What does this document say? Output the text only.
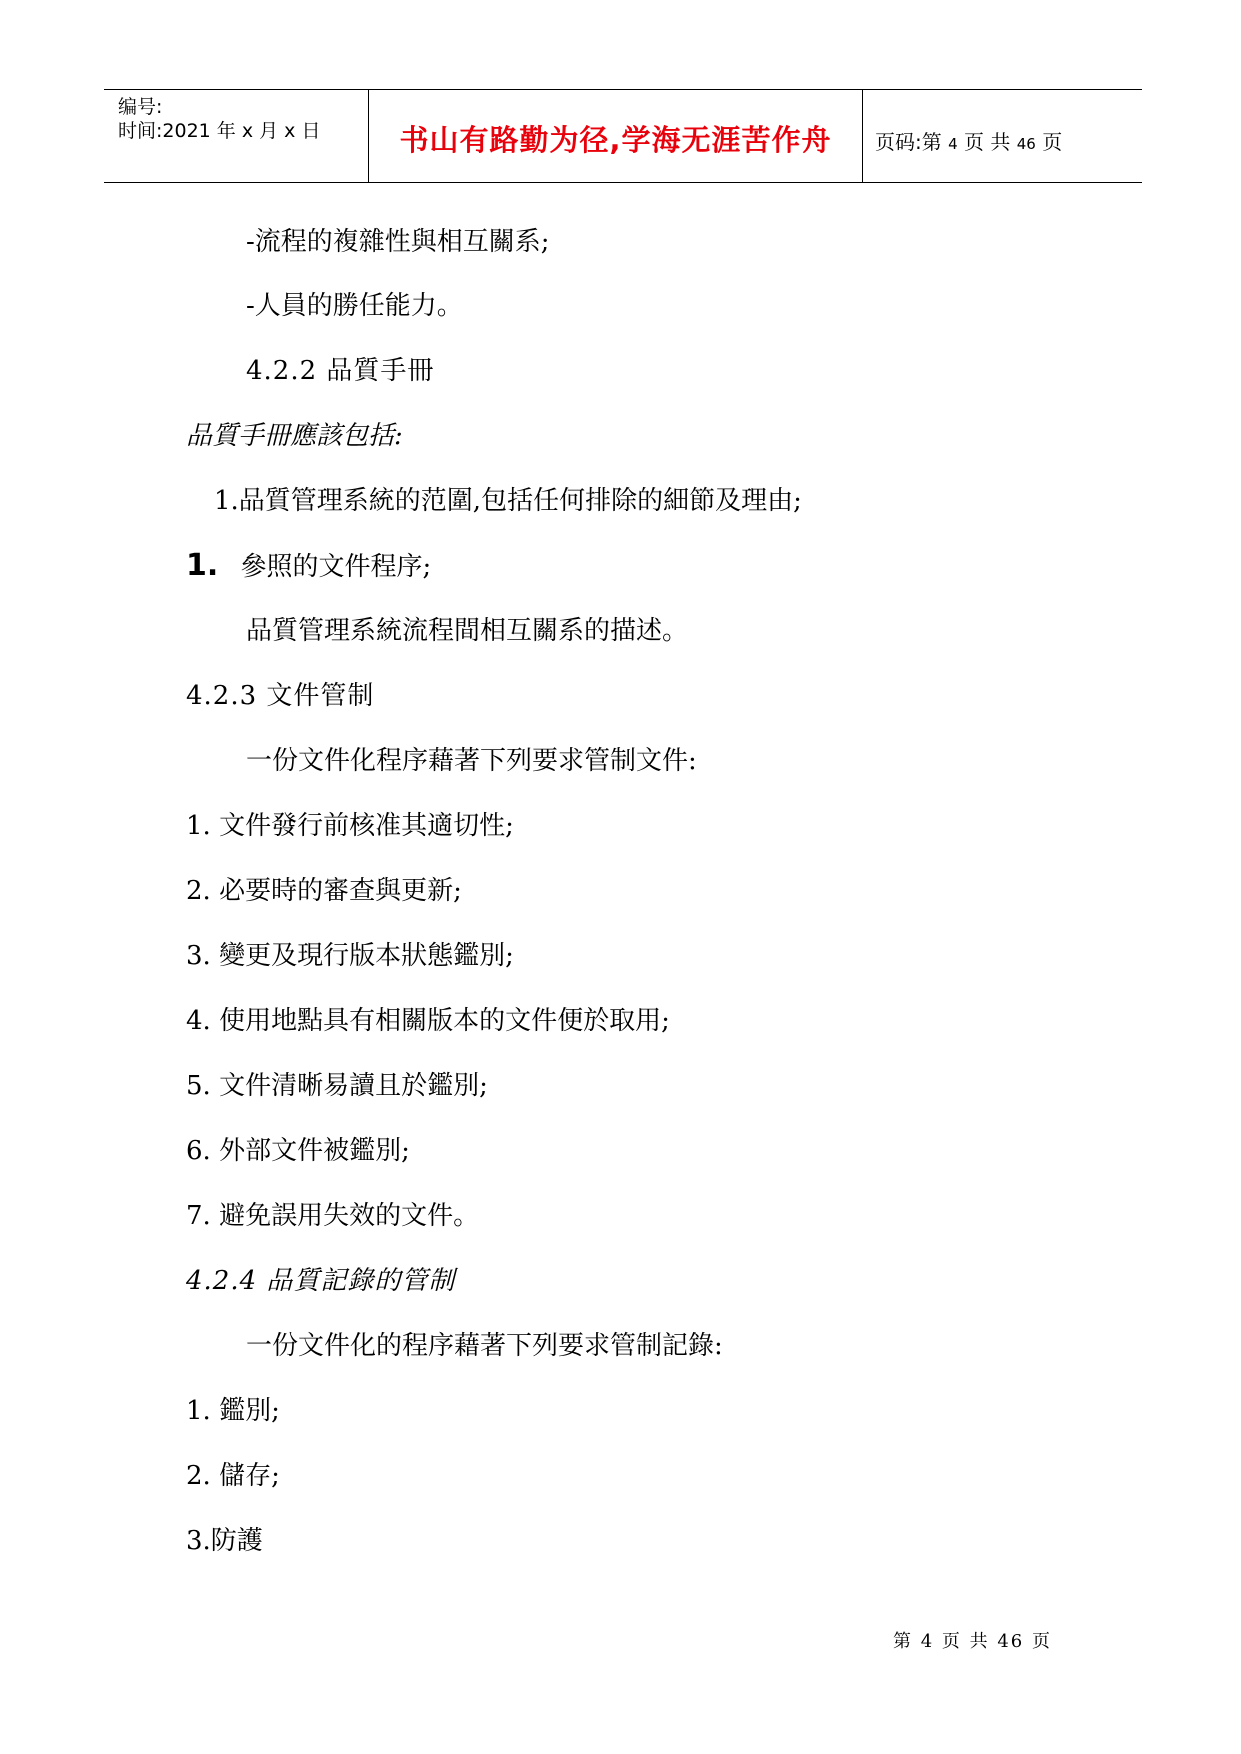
编号:
时间:2021 年 x 月 x 日	书山有路勤为径,学海无涯苦作舟	页码:第 4 页 共 46 页
-流程的複雜性與相互關系;
-人員的勝任能力。
4.2.2 品質手冊
品質手冊應該包括:
1.品質管理系統的范圍,包括任何排除的細節及理由;
1. 參照的文件程序;
品質管理系統流程間相互關系的描述。
4.2.3 文件管制
一份文件化程序藉著下列要求管制文件:
1. 文件發行前核准其適切性;
2. 必要時的審查與更新;
3. 變更及現行版本狀態鑑別;
4. 使用地點具有相關版本的文件便於取用;
5. 文件清晰易讀且於鑑別;
6. 外部文件被鑑別;
7. 避免誤用失效的文件。
4.2.4 品質記錄的管制
一份文件化的程序藉著下列要求管制記錄:
1. 鑑別;
2. 儲存;
3.防護
第 4 页 共 46 页
